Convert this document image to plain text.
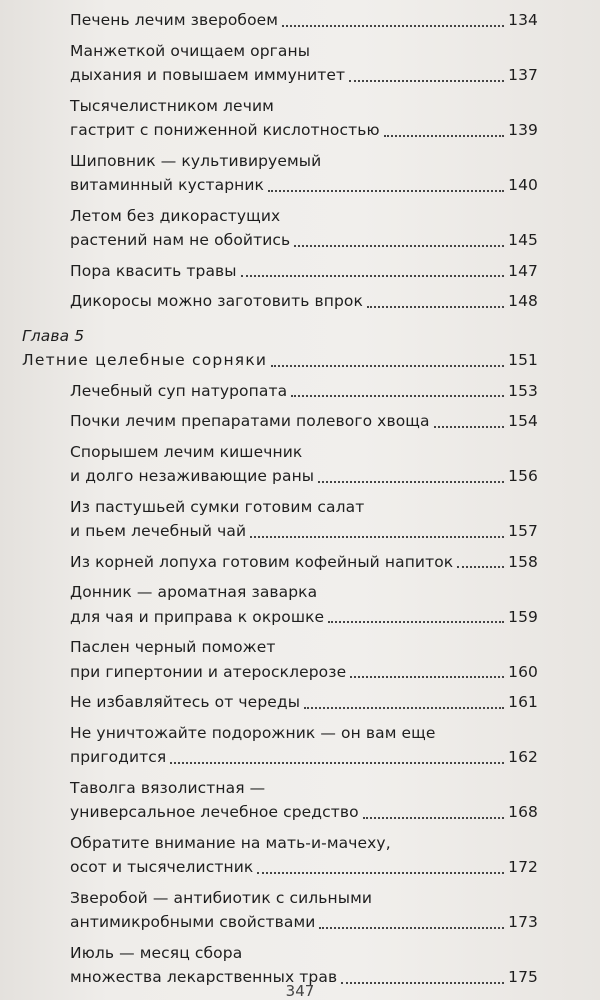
Печень лечим зверобоем	134
Манжеткой очищаем органы
дыхания и повышаем иммунитет	137
Тысячелистником лечим
гастрит с пониженной кислотностью	139
Шиповник — культивируемый
витаминный кустарник	140
Летом без дикорастущих
растений нам не обойтись	145
Пора квасить травы	147
Дикоросы можно заготовить впрок	148
Глава 5
Летние целебные сорняки	151
Лечебный суп натуропата	153
Почки лечим препаратами полевого хвоща	154
Спорышем лечим кишечник
и долго незаживающие раны	156
Из пастушьей сумки готовим салат
и пьем лечебный чай	157
Из корней лопуха готовим кофейный напиток	158
Донник — ароматная заварка
для чая и приправа к окрошке	159
Паслен черный поможет
при гипертонии и атеросклерозе	160
Не избавляйтесь от череды	161
Не уничтожайте подорожник — он вам еще
пригодится	162
Таволга вязолистная —
универсальное лечебное средство	168
Обратите внимание на мать-и-мачеху,
осот и тысячелистник	172
Зверобой — антибиотик с сильными
антимикробными свойствами	173
Июль — месяц сбора
множества лекарственных трав	175
347
